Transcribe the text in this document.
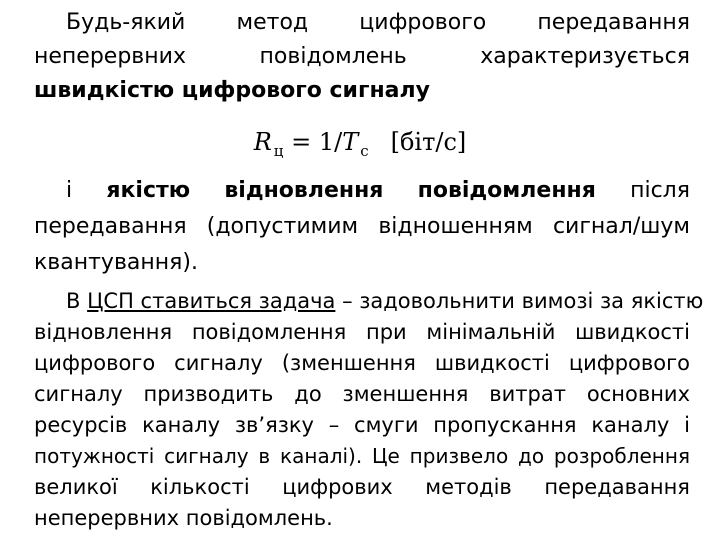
Будь-який метод цифрового передавання
неперервних	повідомлень	характеризується
швидкістю цифрового сигналу
R $_ц$ = 1/T $_c$ [біт/с]
і якістю відновлення повідомлення після
передавання (допустимим відношенням сигнал/шум
квантування).
В ЦСП ставиться задача – задовольнити вимозі за якістю
відновлення повідомлення при мінімальній швидкості
цифрового сигналу (зменшення швидкості цифрового
сигналу призводить до зменшення витрат основних
ресурсів каналу зв’язку – смуги пропускання каналу і
потужності сигналу в каналі). Це призвело до розроблення
великої кількості цифрових методів передавання
неперервних повідомлень.
